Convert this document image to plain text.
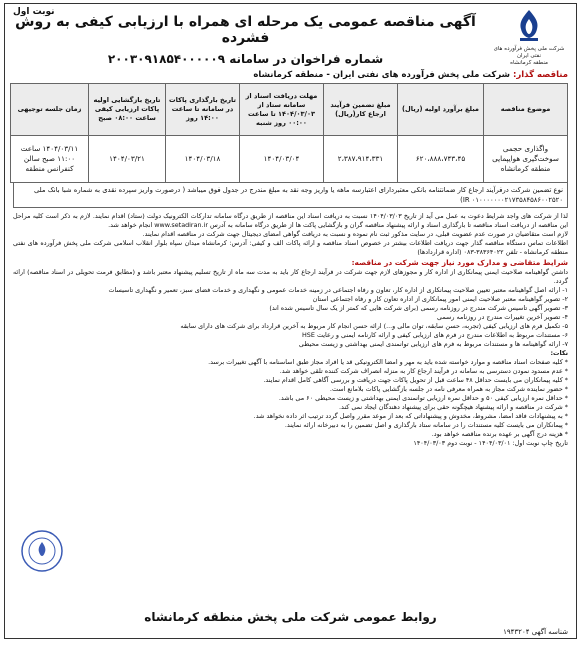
شرکت ملی پخش فرآورده های نفتی ایران
منطقه کرمانشاه
آگهی مناقصه عمومی یک مرحله ای همراه با ارزیابی کیفی به روش فشرده
شماره فراخوان در سامانه ۲۰۰۳۰۹۱۸۵۴۰۰۰۰۰۹
نوبت اول
مناقصه گذار: شرکت ملی پخش فرآورده های نفتی ایران - منطقه کرمانشاه
موضوع مناقصه	مبلغ برآورد اولیه (ریال)	مبلغ تضمین فرآیند ارجاع کار(ریال)	مهلت دریافت اسناد از سامانه ستاد از ۱۴۰۴/۰۳/۰۳ تا ساعت ۰۰:۰۰ روز شنبه	تاریخ بارگذاری پاکات در سامانه تا ساعت ۱۴:۰۰ روز	تاریخ بازگشایی اولیه پاکات ارزیابی کیفی ساعت ۰۸:۰۰ صبح	زمان جلسه توجیهی
واگذاری حجمی سوخت‌گیری هوایپمایی منطقه کرمانشاه	۶۲۰،۸۸۸،۷۴۳،۴۵	۲،۳۸۷،۹۱۴،۳۳۱	۱۴۰۴/۰۳/۰۴	۱۴۰۴/۰۳/۱۸	۱۴۰۴/۰۳/۲۱	۱۴۰۴/۰۳/۱۱ ساعت ۱۱:۰۰ صبح سالن کنفرانس منطقه
نوع تضمین شرکت درفرآیند ارجاع کار ضمانتنامه بانکی معتبردارای اعتبارسه ماهه یا واریز وجه نقد به مبلغ مندرج در جدول فوق میباشد ( درصورت واریز سپرده نقدی به شماره شبا بانک ملی ۰۱۰۰۰۰۰۰۰۲۱۷۳۵۸۴۵۸۶۰۰۲۵۲۰ IR)

لذا از شرکت های واجد شرایط دعوت به عمل می آید از تاریخ ۱۴۰۴/۰۳/۰۳ نسبت به دریافت اسناد این مناقصه از طریق درگاه سامانه تدارکات الکترونیک دولت (ستاد) اقدام نمایند. لازم به ذکر است کلیه مراحل این مناقصه از دریافت اسناد مناقصه تا بارگذاری اسناد و ارائه پیشنهاد مناقصه گران و بازگشایی پاکت ها از طریق درگاه سامانه به آدرس www.setadiran.ir انجام خواهد شد.

لازم است متقاضیان در صورت عدم عضویت قبلی، در سایت مذکور ثبت نام نموده و نسبت به دریافت گواهی امضای دیجیتال جهت شرکت در مناقصه اقدام نمایند.

اطلاعات تماس دستگاه مناقصه گذار جهت دریافت اطلاعات بیشتر در خصوص اسناد مناقصه و ارائه پاکات الف و کیفی: آدرس: کرمانشاه میدان سپاه بلوار انقلاب اسلامی شرکت ملی پخش فرآورده های نفتی منطقه کرمانشاه - تلفن ۳۸۳۶۴۰۲۲-۰۸۳ (اداره قراردادها)

شرایط متقاضی و مدارک مورد نیاز جهت شرکت در مناقصه:

داشتن گواهینامه صلاحیت ایمنی پیمانکاری از اداره کار و مجوزهای لازم جهت شرکت در فرآیند ارجاع کار باید به مدت سه ماه از تاریخ تسلیم پیشنهاد معتبر باشد و (مطابق فرمت تحویلی در اسناد مناقصه) ارائه گردد.

۱- ارائه اصل گواهینامه معتبر تعیین صلاحیت پیمانکاری از اداره کار، تعاون و رفاه اجتماعی در زمینه خدمات عمومی و نگهداری و خدمات فضای سبز، تعمیر و نگهداری تاسیسات

۲- تصویر گواهینامه معتبر صلاحیت ایمنی امور پیمانکاری از اداره تعاون کار و رفاه اجتماعی استان

۳- تصویر آگهی تاسیس شرکت مندرج در روزنامه رسمی (برای شرکت هایی که کمتر از یک سال تاسیس شده اند)

۴- تصویر آخرین تغییرات مندرج در روزنامه رسمی

۵- تکمیل فرم های ارزیابی کیفی (تجربه، حسن سابقه، توان مالی و...) ارائه حسن انجام کار مربوط به آخرین قرارداد برای شرکت های دارای سابقه

۶- مستندات مربوط به اطلاعات مندرج در فرم های ارزیابی کیفی و ارائه کارنامه ایمنی و رعایت HSE

۷- ارائه گواهینامه ها و مستندات مربوط به فرم های ارزیابی توانمندی ایمنی بهداشتی و زیست محیطی

نکات:

* کلیه صفحات اسناد مناقصه و موارد خواسته شده باید به مهر و امضا الکترونیکی قد یا افراد مجاز طبق اساسنامه با آگهی تغییرات برسد.

* عدم مسدود نمودن دسترسی به سامانه در فرآیند ارجاع کار به منزله انصراف شرکت کننده تلقی خواهد شد.

* کلیه پیمانکاران می بایست حداقل ۴۸ ساعت قبل از تحویل پاکات جهت دریافت و بررسی آگاهی کامل اقدام نمایند.

* حضور نماینده شرکت مجاز به همراه معرفی نامه در جلسه بازگشایی پاکات بلامانع است.

* حداقل نمره ارزیابی کیفی ۵۰ و حداقل نمره ارزیابی توانمندی ایمنی بهداشتی و زیست محیطی ۶۰ می باشد.

* شرکت در مناقصه و ارائه پیشنهاد هیچگونه حقی برای پیشنهاد دهندگان ایجاد نمی کند.

* به پیشنهادات فاقد امضا، مشروط، مخدوش و پیشنهاداتی که بعد از موعد مقرر واصل گردد ترتیب اثر داده نخواهد شد.

* پیمانکاران می بایست کلیه مستندات را در سامانه ستاد بارگذاری و اصل تضمین را به دبیرخانه ارائه نمایند.

* هزینه درج آگهی بر عهده برنده مناقصه خواهد بود.

تاریخ چاپ نوبت اول: ۱۴۰۴/۰۳/۰۱ - نوبت دوم ۱۴۰۴/۰۳/۰۳

روابط عمومی شرکت ملی پخش منطقه کرمانشاه
شناسه آگهی ۱۹۴۳۲۰۴
